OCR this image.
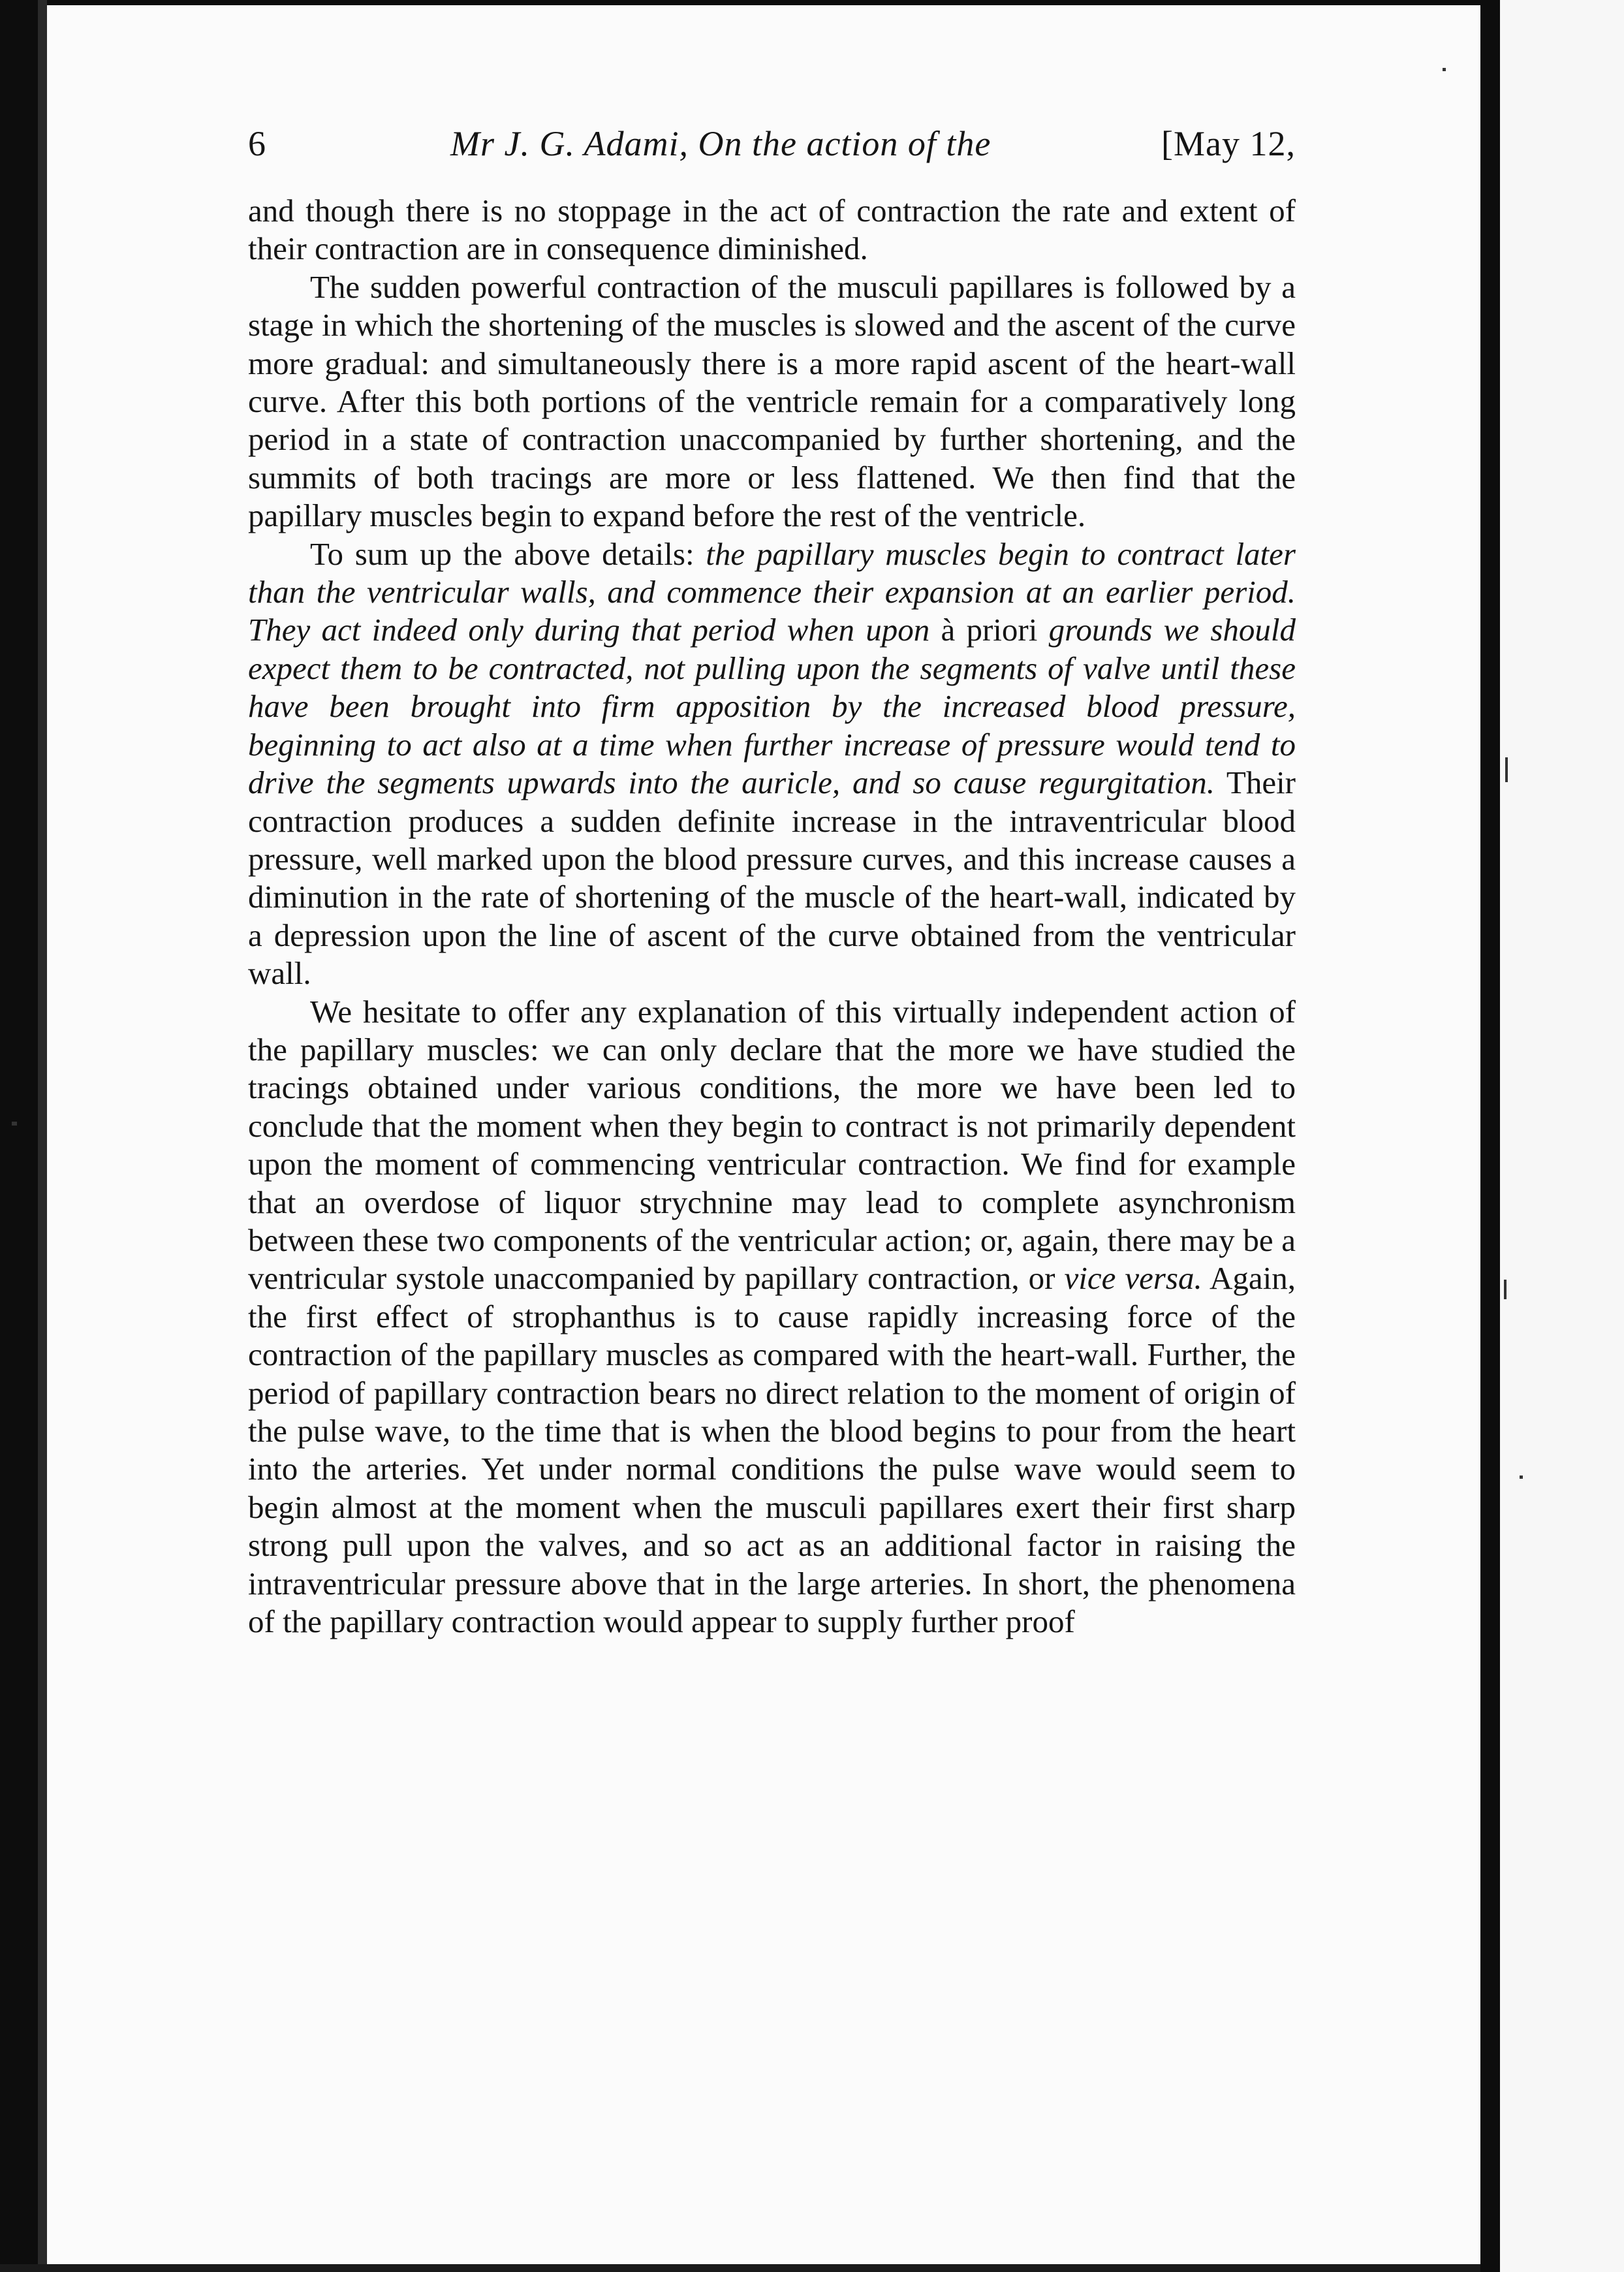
6	Mr J. G. Adami, On the action of the	[May 12,

and though there is no stoppage in the act of contraction the rate and extent of their contraction are in consequence diminished.

The sudden powerful contraction of the musculi papillares is followed by a stage in which the shortening of the muscles is slowed and the ascent of the curve more gradual: and simultaneously there is a more rapid ascent of the heart-wall curve. After this both portions of the ventricle remain for a comparatively long period in a state of contraction unaccompanied by further shortening, and the summits of both tracings are more or less flattened. We then find that the papillary muscles begin to expand before the rest of the ventricle.

To sum up the above details: the papillary muscles begin to contract later than the ventricular walls, and commence their expansion at an earlier period. They act indeed only during that period when upon à priori grounds we should expect them to be contracted, not pulling upon the segments of valve until these have been brought into firm apposition by the increased blood pressure, beginning to act also at a time when further increase of pressure would tend to drive the segments upwards into the auricle, and so cause regurgitation. Their contraction produces a sudden definite increase in the intraventricular blood pressure, well marked upon the blood pressure curves, and this increase causes a diminution in the rate of shortening of the muscle of the heart-wall, indicated by a depression upon the line of ascent of the curve obtained from the ventricular wall.

We hesitate to offer any explanation of this virtually independent action of the papillary muscles: we can only declare that the more we have studied the tracings obtained under various conditions, the more we have been led to conclude that the moment when they begin to contract is not primarily dependent upon the moment of commencing ventricular contraction. We find for example that an overdose of liquor strychnine may lead to complete asynchronism between these two components of the ventricular action; or, again, there may be a ventricular systole unaccompanied by papillary contraction, or vice versa. Again, the first effect of strophanthus is to cause rapidly increasing force of the contraction of the papillary muscles as compared with the heart-wall. Further, the period of papillary contraction bears no direct relation to the moment of origin of the pulse wave, to the time that is when the blood begins to pour from the heart into the arteries. Yet under normal conditions the pulse wave would seem to begin almost at the moment when the musculi papillares exert their first sharp strong pull upon the valves, and so act as an additional factor in raising the intraventricular pressure above that in the large arteries. In short, the phenomena of the papillary contraction would appear to supply further proof
